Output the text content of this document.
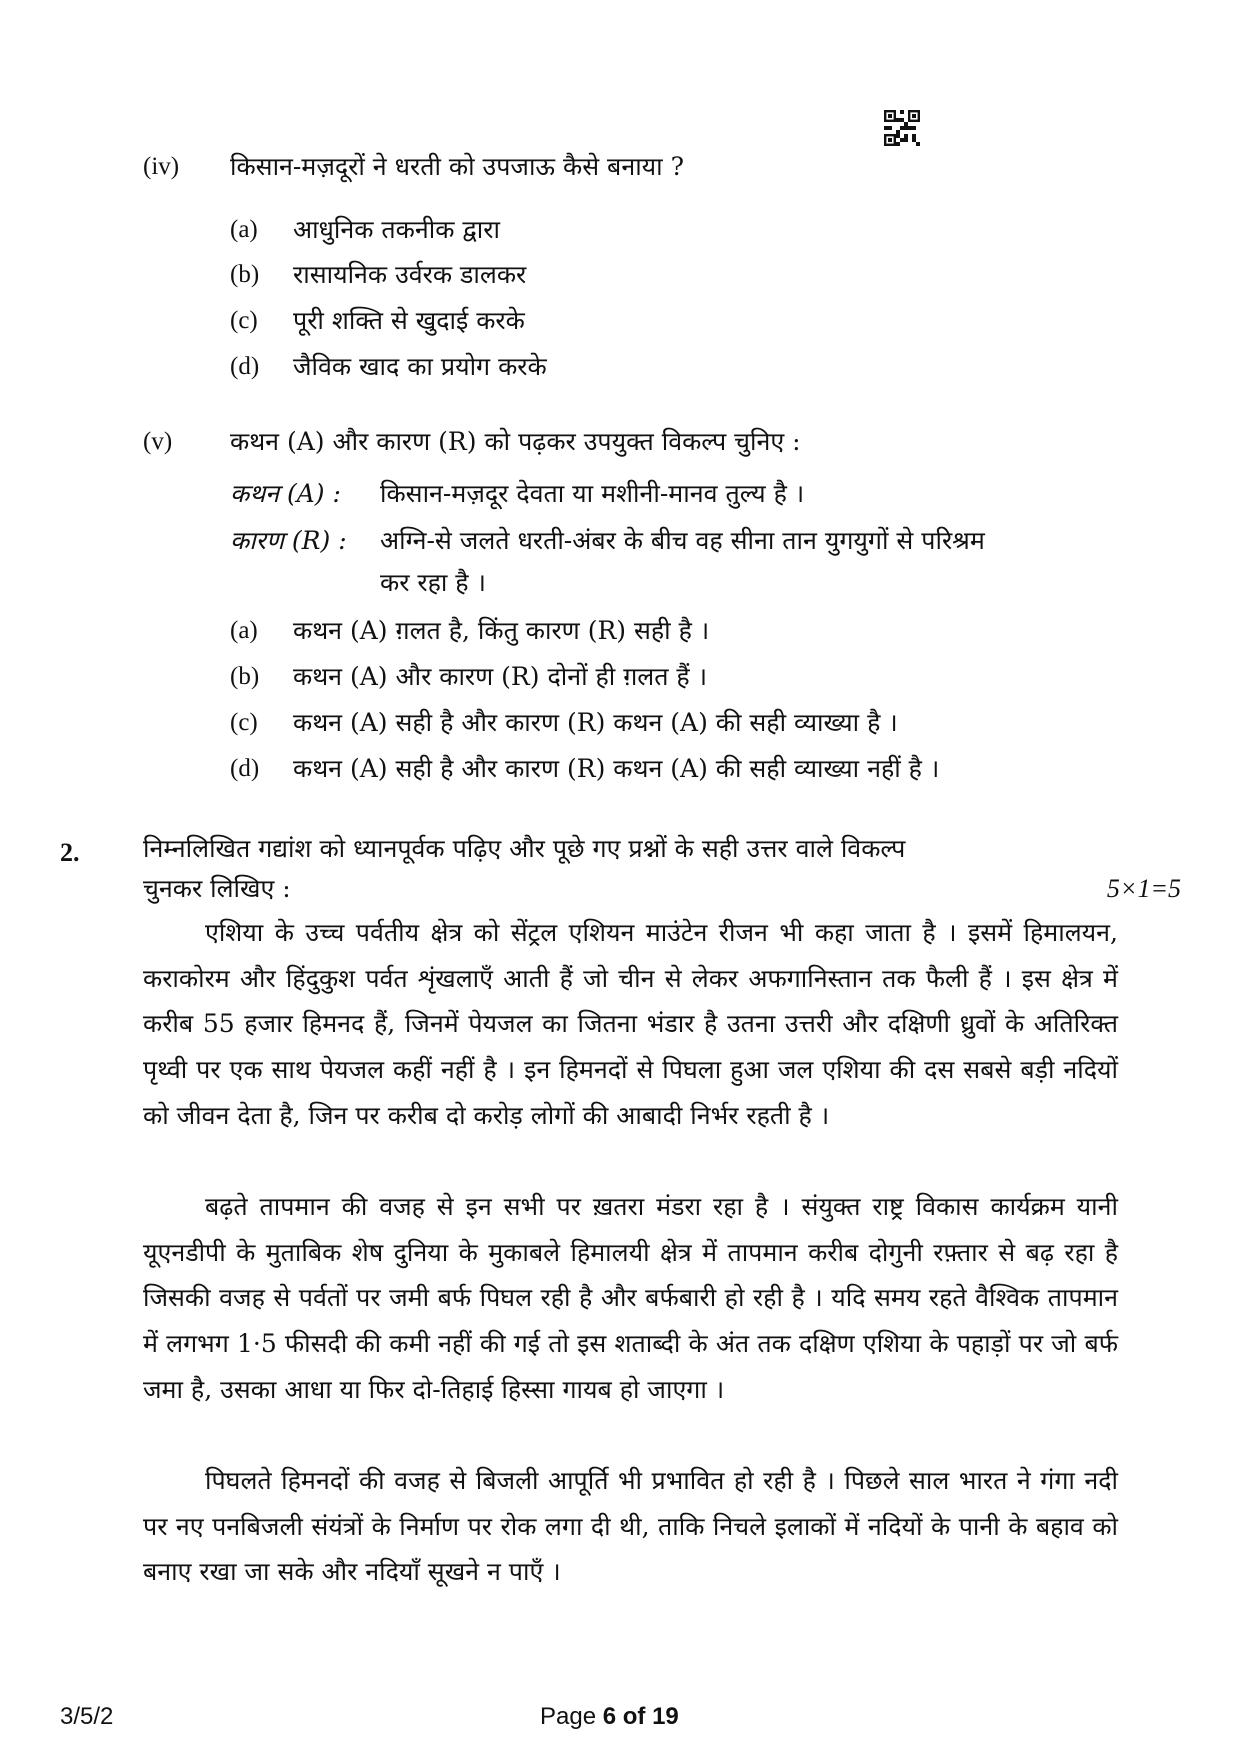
(iv) किसान-मज़दूरों ने धरती को उपजाऊ कैसे बनाया ?
(a) आधुनिक तकनीक द्वारा
(b) रासायनिक उर्वरक डालकर
(c) पूरी शक्ति से खुदाई करके
(d) जैविक खाद का प्रयोग करके
(v) कथन (A) और कारण (R) को पढ़कर उपयुक्त विकल्प चुनिए :
कथन (A) : किसान-मज़दूर देवता या मशीनी-मानव तुल्य है ।
कारण (R) : अग्नि-से जलते धरती-अंबर के बीच वह सीना तान युगयुगों से परिश्रम
कर रहा है ।
(a) कथन (A) ग़लत है, किंतु कारण (R) सही है ।
(b) कथन (A) और कारण (R) दोनों ही ग़लत हैं ।
(c) कथन (A) सही है और कारण (R) कथन (A) की सही व्याख्या है ।
(d) कथन (A) सही है और कारण (R) कथन (A) की सही व्याख्या नहीं है ।
2.	निम्नलिखित गद्यांश को ध्यानपूर्वक पढ़िए और पूछे गए प्रश्नों के सही उत्तर वाले विकल्प
चुनकर लिखिए :	5×1=5
एशिया के उच्च पर्वतीय क्षेत्र को सेंट्रल एशियन माउंटेन रीजन भी कहा जाता है । इसमें हिमालयन, कराकोरम और हिंदुकुश पर्वत शृंखलाएँ आती हैं जो चीन से लेकर अफगानिस्तान तक फैली हैं । इस क्षेत्र में करीब 55 हजार हिमनद हैं, जिनमें पेयजल का जितना भंडार है उतना उत्तरी और दक्षिणी ध्रुवों के अतिरिक्त पृथ्वी पर एक साथ पेयजल कहीं नहीं है । इन हिमनदों से पिघला हुआ जल एशिया की दस सबसे बड़ी नदियों को जीवन देता है, जिन पर करीब दो करोड़ लोगों की आबादी निर्भर रहती है ।
बढ़ते तापमान की वजह से इन सभी पर ख़तरा मंडरा रहा है । संयुक्त राष्ट्र विकास कार्यक्रम यानी यूएनडीपी के मुताबिक शेष दुनिया के मुकाबले हिमालयी क्षेत्र में तापमान करीब दोगुनी रफ़्तार से बढ़ रहा है जिसकी वजह से पर्वतों पर जमी बर्फ पिघल रही है और बर्फबारी हो रही है । यदि समय रहते वैश्विक तापमान में लगभग 1·5 फीसदी की कमी नहीं की गई तो इस शताब्दी के अंत तक दक्षिण एशिया के पहाड़ों पर जो बर्फ जमा है, उसका आधा या फिर दो-तिहाई हिस्सा गायब हो जाएगा ।
पिघलते हिमनदों की वजह से बिजली आपूर्ति भी प्रभावित हो रही है । पिछले साल भारत ने गंगा नदी पर नए पनबिजली संयंत्रों के निर्माण पर रोक लगा दी थी, ताकि निचले इलाकों में नदियों के पानी के बहाव को बनाए रखा जा सके और नदियाँ सूखने न पाएँ ।
3/5/2	Page 6 of 19
